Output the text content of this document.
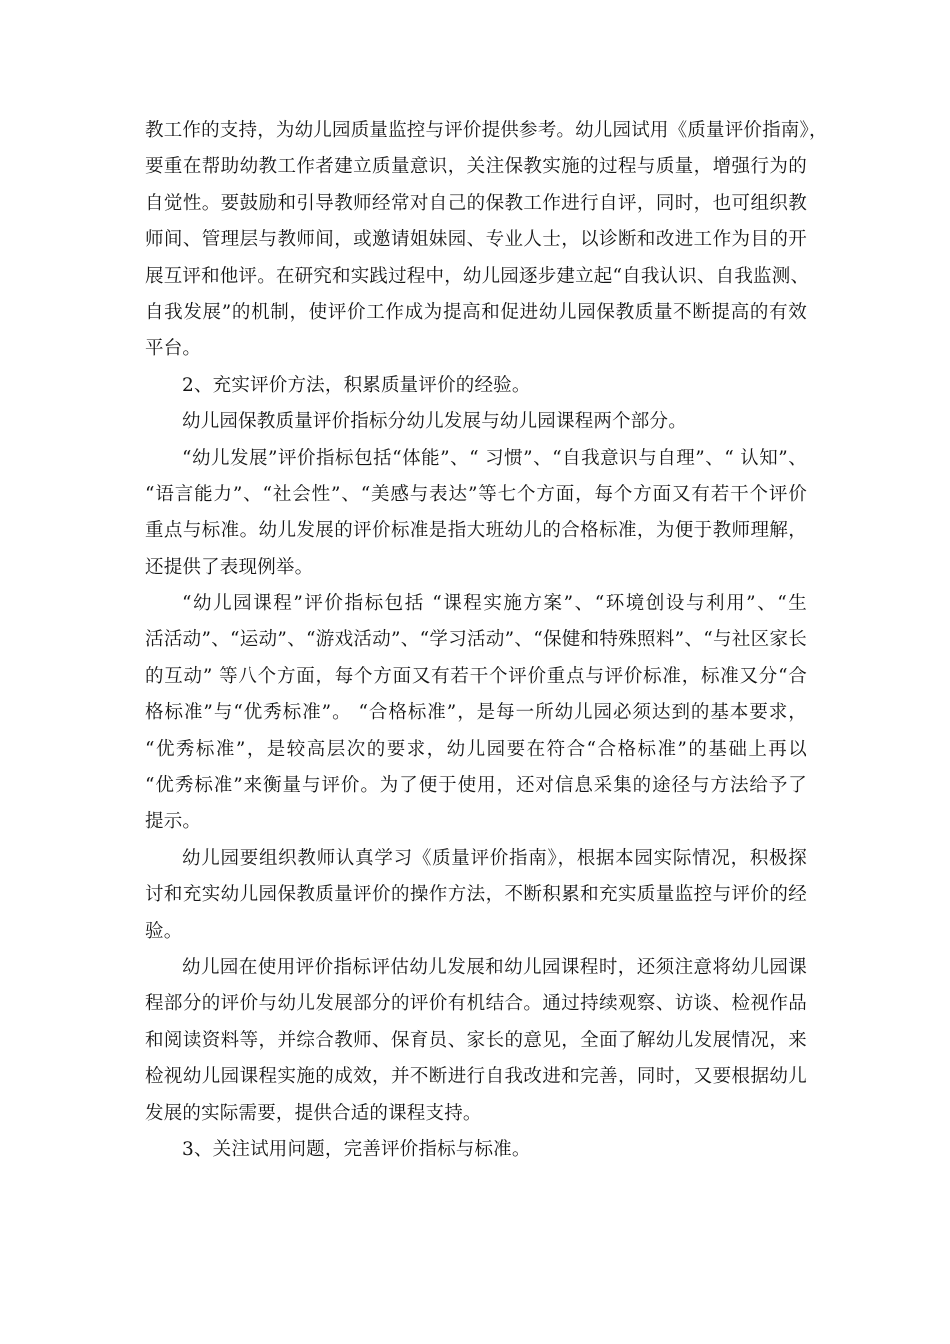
教工作的支持，为幼儿园质量监控与评价提供参考。幼儿园试用《质量评价指南》，
要重在帮助幼教工作者建立质量意识，关注保教实施的过程与质量，增强行为的
自觉性。要鼓励和引导教师经常对自己的保教工作进行自评，同时，也可组织教
师间、管理层与教师间，或邀请姐妹园、专业人士，以诊断和改进工作为目的开
展互评和他评。在研究和实践过程中，幼儿园逐步建立起“自我认识、自我监测、
自我发展”的机制，使评价工作成为提高和促进幼儿园保教质量不断提高的有效
平台。
2、充实评价方法，积累质量评价的经验。
幼儿园保教质量评价指标分幼儿发展与幼儿园课程两个部分。
“幼儿发展”评价指标包括“体能”、“ 习惯”、“自我意识与自理”、“ 认知”、
“语言能力”、“社会性”、“美感与表达”等七个方面，每个方面又有若干个评价
重点与标准。幼儿发展的评价标准是指大班幼儿的合格标准，为便于教师理解，
还提供了表现例举。
“幼儿园课程”评价指标包括 “课程实施方案”、“环境创设与利用”、“生
活活动”、“运动”、“游戏活动”、“学习活动”、“保健和特殊照料”、“与社区家长
的互动” 等八个方面，每个方面又有若干个评价重点与评价标准，标准又分“合
格标准”与“优秀标准”。 “合格标准”，是每一所幼儿园必须达到的基本要求，
“优秀标准”，是较高层次的要求，幼儿园要在符合“合格标准”的基础上再以
“优秀标准”来衡量与评价。为了便于使用，还对信息采集的途径与方法给予了
提示。
幼儿园要组织教师认真学习《质量评价指南》，根据本园实际情况，积极探
讨和充实幼儿园保教质量评价的操作方法，不断积累和充实质量监控与评价的经
验。
幼儿园在使用评价指标评估幼儿发展和幼儿园课程时，还须注意将幼儿园课
程部分的评价与幼儿发展部分的评价有机结合。通过持续观察、访谈、检视作品
和阅读资料等，并综合教师、保育员、家长的意见，全面了解幼儿发展情况，来
检视幼儿园课程实施的成效，并不断进行自我改进和完善，同时，又要根据幼儿
发展的实际需要，提供合适的课程支持。
3、关注试用问题，完善评价指标与标准。
